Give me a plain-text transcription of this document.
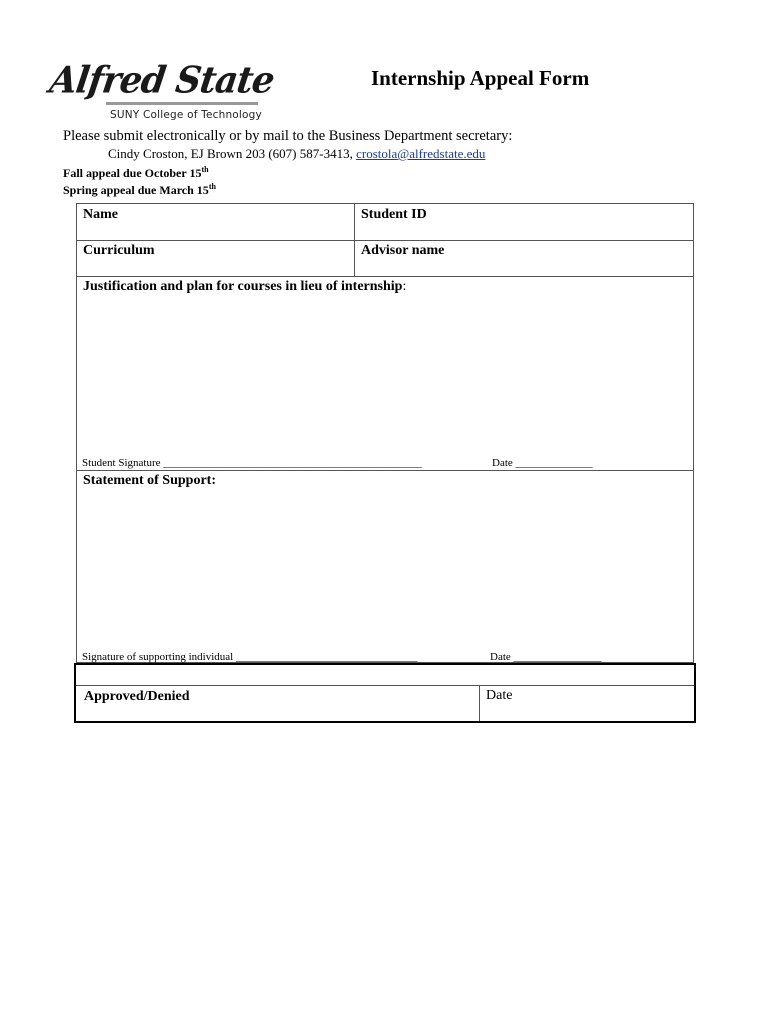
Alfred State
SUNY College of Technology
Internship Appeal Form
Please submit electronically or by mail to the Business Department secretary:
Cindy Croston, EJ Brown 203 (607) 587-3413, crostola@alfredstate.edu
Fall appeal due October 15th
Spring appeal due March 15th
Name	Student ID
Curriculum	Advisor name
Justification and plan for courses in lieu of internship:
Student Signature _______________________________________________	Date ______________
Statement of Support:
Signature of supporting individual _________________________________	Date ________________
Approved/Denied	Date
